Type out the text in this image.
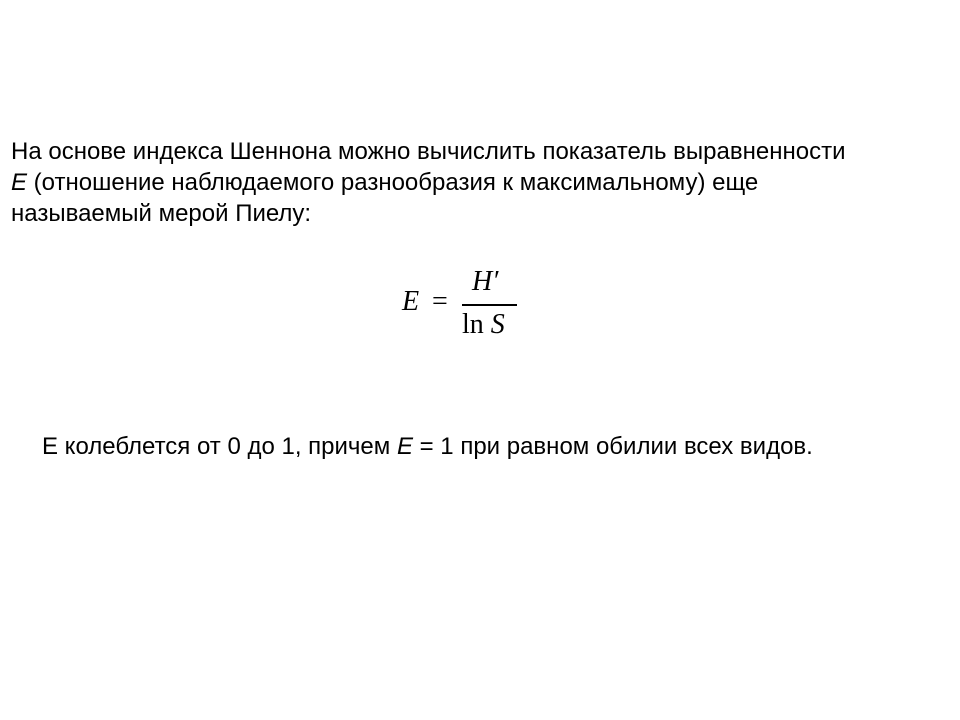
На основе индекса Шеннона можно вычислить показатель выравненности
E (отношение наблюдаемого разнообразия к максимальному) еще
называемый мерой Пиелу:
E =
H′
ln S
Е колеблется от 0 до 1, причем E = 1 при равном обилии всех видов.
